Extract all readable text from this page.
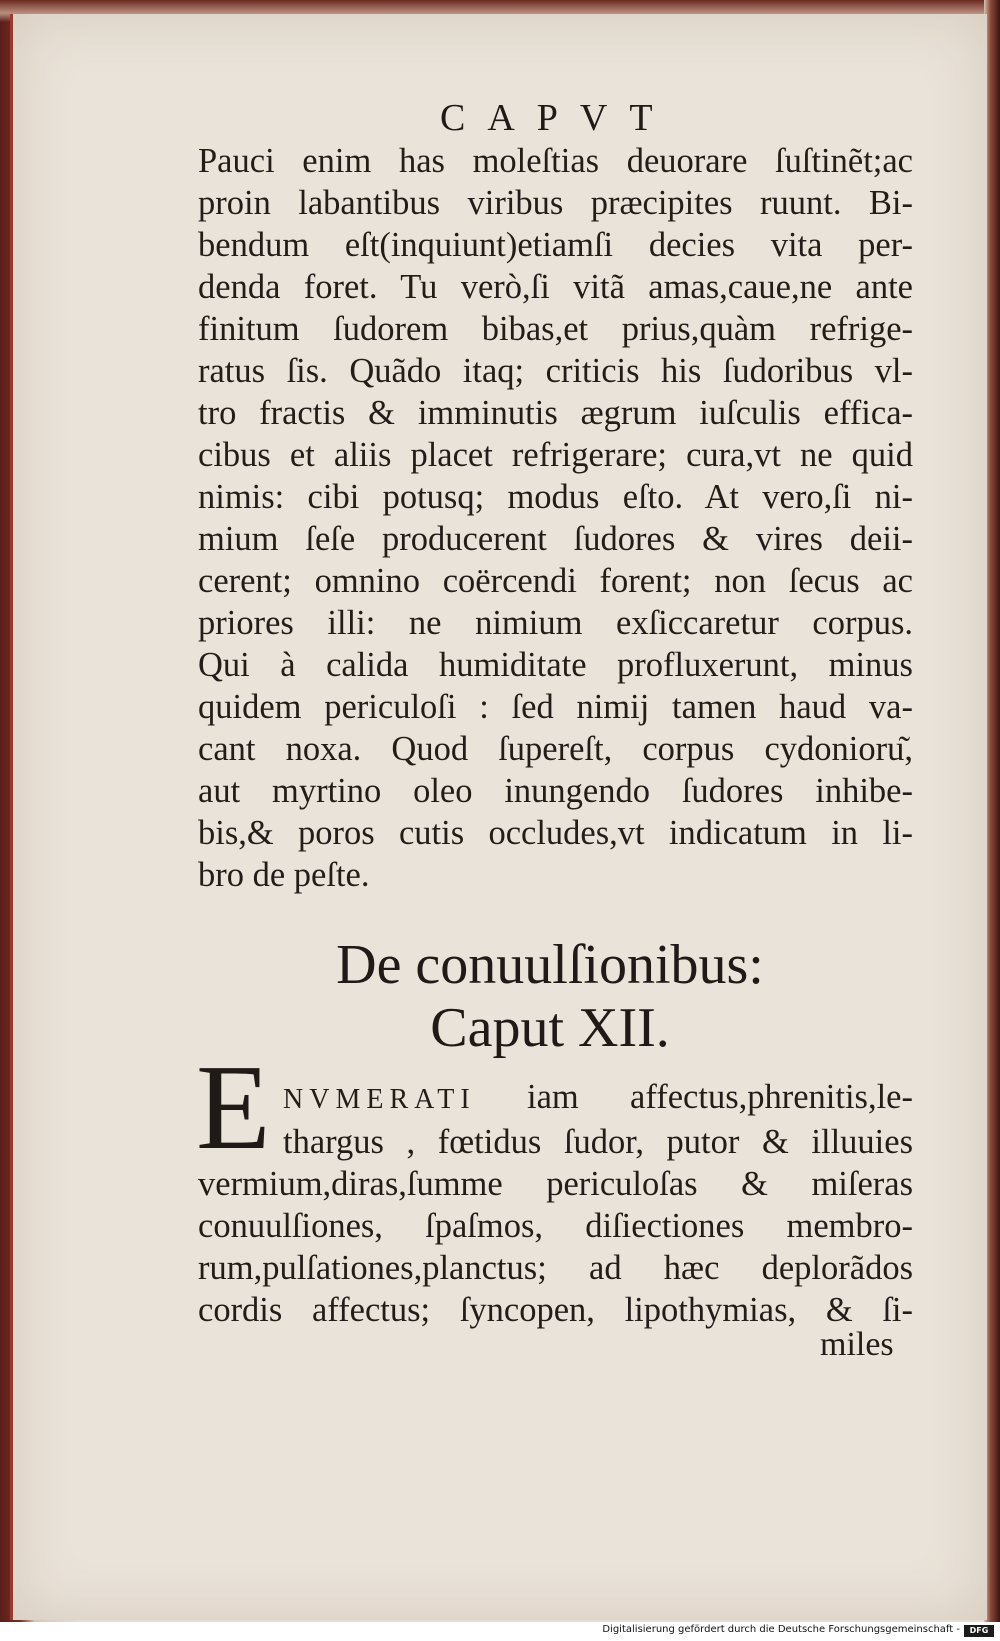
CAPVT
Pauci enim has moleſtias deuorare ſuſtinẽt;ac
proin labantibus viribus præcipites ruunt. Bi-
bendum eſt(inquiunt)etiamſi decies vita per-
denda foret. Tu verò,ſi vitã amas,caue,ne ante
finitum ſudorem bibas,et prius,quàm refrige-
ratus ſis. Quãdo itaq; criticis his ſudoribus vl-
tro fractis & imminutis ægrum iuſculis effica-
cibus et aliis placet refrigerare; cura,vt ne quid
nimis: cibi potusq; modus eſto. At vero,ſi ni-
mium ſeſe producerent ſudores & vires deii-
cerent; omnino coërcendi forent; non ſecus ac
priores illi: ne nimium exſiccaretur corpus.
Qui à calida humiditate profluxerunt, minus
quidem periculoſi : ſed nimij tamen haud va-
cant noxa. Quod ſupereſt, corpus cydonioru͂,
aut myrtino oleo inungendo ſudores inhibe-
bis,& poros cutis occludes,vt indicatum in li-
bro de peſte.
De conuulſionibus:
Caput XII.
E NVMERATI iam affectus,phrenitis,le-
thargus , fœtidus ſudor, putor & illuuies
vermium,diras,ſumme periculoſas & miſeras
conuulſiones, ſpaſmos, diſiectiones membro-
rum,pulſationes,planctus; ad hæc deplorãdos
cordis affectus; ſyncopen, lipothymias, & ſi-
miles
Digitalisierung gefördert durch die Deutsche Forschungsgemeinschaft -	DFG
